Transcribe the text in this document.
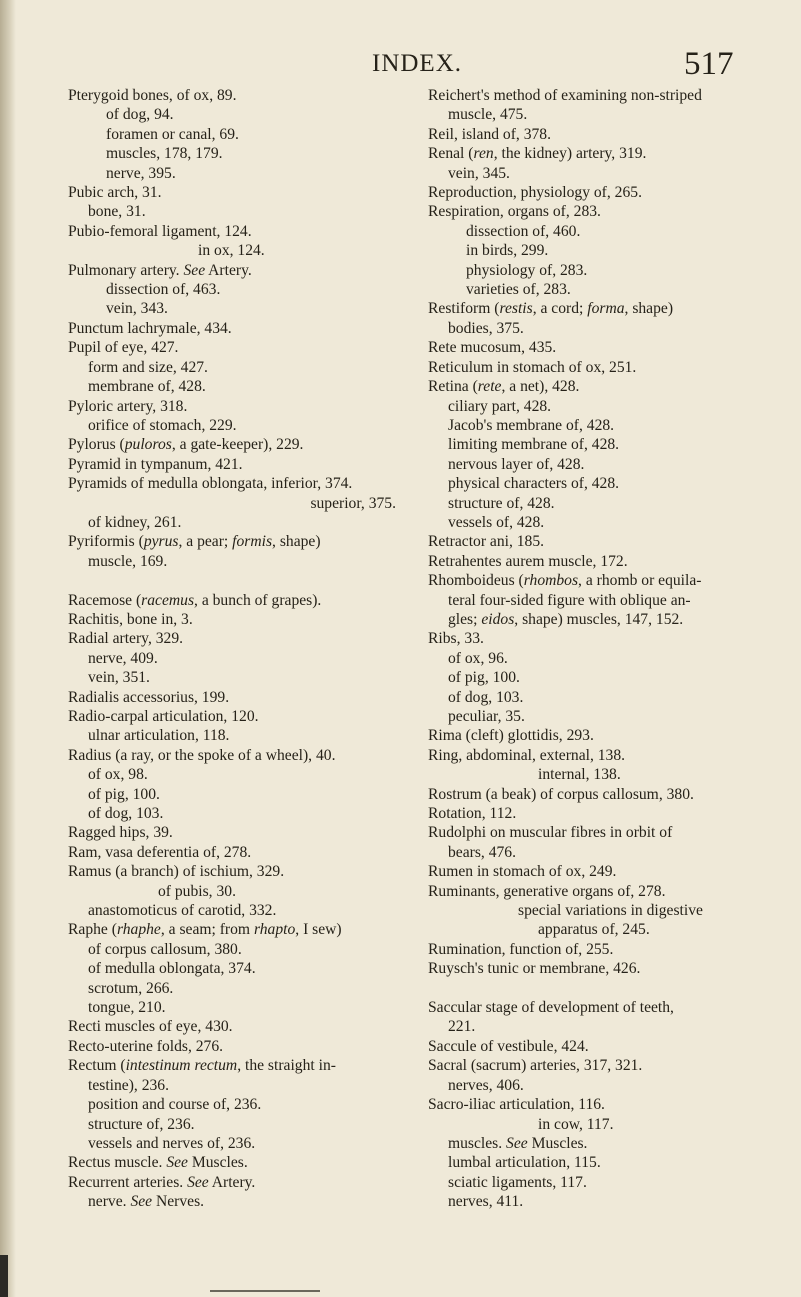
INDEX.	517
Pterygoid bones, of ox, 89.
of dog, 94.
foramen or canal, 69.
muscles, 178, 179.
nerve, 395.
Pubic arch, 31.
bone, 31.
Pubio-femoral ligament, 124.
in ox, 124.
Pulmonary artery. See Artery.
dissection of, 463.
vein, 343.
Punctum lachrymale, 434.
Pupil of eye, 427.
form and size, 427.
membrane of, 428.
Pyloric artery, 318.
orifice of stomach, 229.
Pylorus (puloros, a gate-keeper), 229.
Pyramid in tympanum, 421.
Pyramids of medulla oblongata, inferior, 374.
superior, 375.
of kidney, 261.
Pyriformis (pyrus, a pear; formis, shape)
muscle, 169.
Racemose (racemus, a bunch of grapes).
Rachitis, bone in, 3.
Radial artery, 329.
nerve, 409.
vein, 351.
Radialis accessorius, 199.
Radio-carpal articulation, 120.
ulnar articulation, 118.
Radius (a ray, or the spoke of a wheel), 40.
of ox, 98.
of pig, 100.
of dog, 103.
Ragged hips, 39.
Ram, vasa deferentia of, 278.
Ramus (a branch) of ischium, 329.
of pubis, 30.
anastomoticus of carotid, 332.
Raphe (rhaphe, a seam; from rhapto, I sew)
of corpus callosum, 380.
of medulla oblongata, 374.
scrotum, 266.
tongue, 210.
Recti muscles of eye, 430.
Recto-uterine folds, 276.
Rectum (intestinum rectum, the straight in-
testine), 236.
position and course of, 236.
structure of, 236.
vessels and nerves of, 236.
Rectus muscle. See Muscles.
Recurrent arteries. See Artery.
nerve. See Nerves.
Reichert's method of examining non-striped
muscle, 475.
Reil, island of, 378.
Renal (ren, the kidney) artery, 319.
vein, 345.
Reproduction, physiology of, 265.
Respiration, organs of, 283.
dissection of, 460.
in birds, 299.
physiology of, 283.
varieties of, 283.
Restiform (restis, a cord; forma, shape)
bodies, 375.
Rete mucosum, 435.
Reticulum in stomach of ox, 251.
Retina (rete, a net), 428.
ciliary part, 428.
Jacob's membrane of, 428.
limiting membrane of, 428.
nervous layer of, 428.
physical characters of, 428.
structure of, 428.
vessels of, 428.
Retractor ani, 185.
Retrahentes aurem muscle, 172.
Rhomboideus (rhombos, a rhomb or equila-
teral four-sided figure with oblique an-
gles; eidos, shape) muscles, 147, 152.
Ribs, 33.
of ox, 96.
of pig, 100.
of dog, 103.
peculiar, 35.
Rima (cleft) glottidis, 293.
Ring, abdominal, external, 138.
internal, 138.
Rostrum (a beak) of corpus callosum, 380.
Rotation, 112.
Rudolphi on muscular fibres in orbit of
bears, 476.
Rumen in stomach of ox, 249.
Ruminants, generative organs of, 278.
special variations in digestive
apparatus of, 245.
Rumination, function of, 255.
Ruysch's tunic or membrane, 426.
Saccular stage of development of teeth,
221.
Saccule of vestibule, 424.
Sacral (sacrum) arteries, 317, 321.
nerves, 406.
Sacro-iliac articulation, 116.
in cow, 117.
muscles. See Muscles.
lumbal articulation, 115.
sciatic ligaments, 117.
nerves, 411.
